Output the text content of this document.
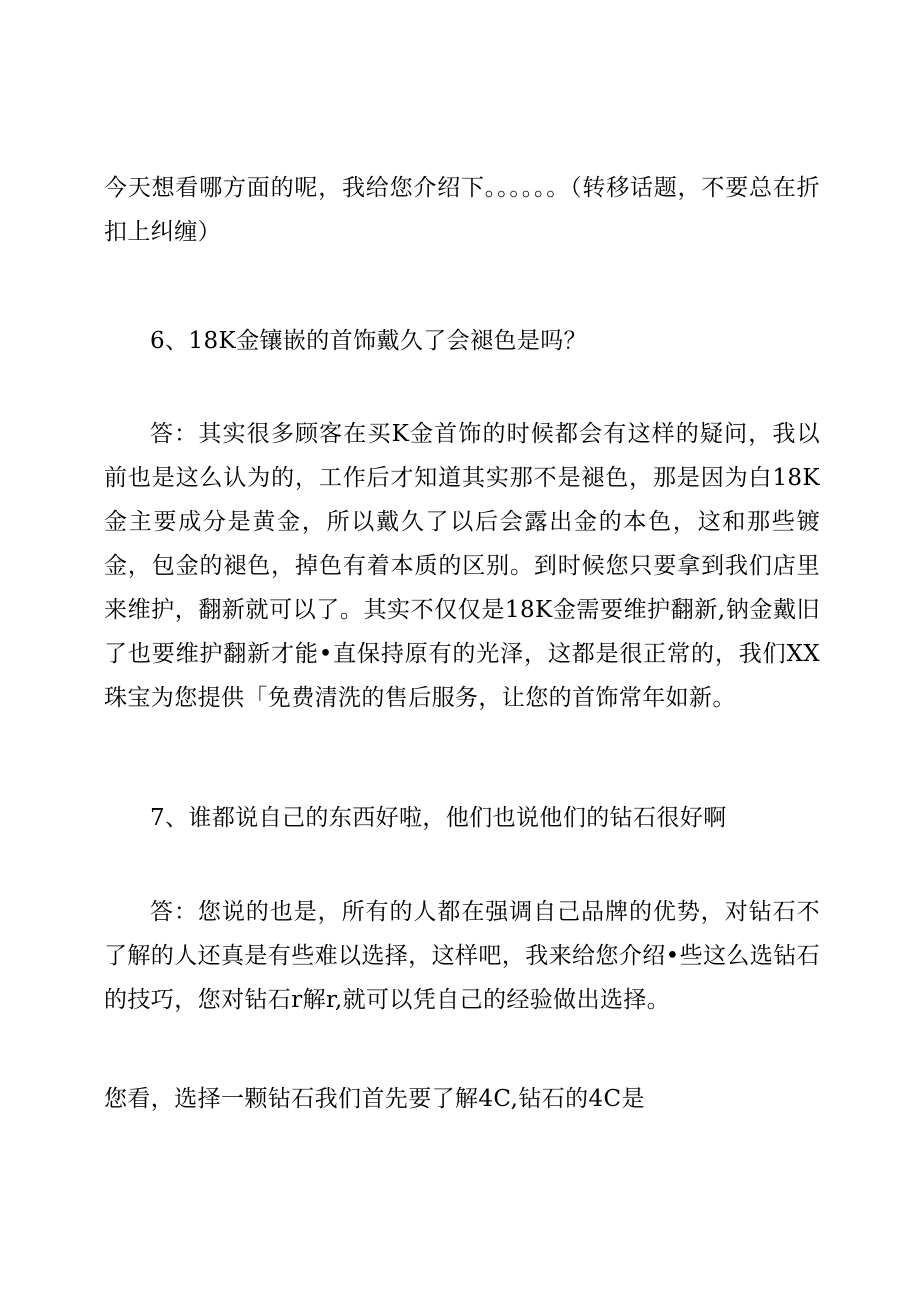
今天想看哪方面的呢，我给您介绍下。。。。。。（转移话题，不要总在折扣上纠缠）

6、18K金镶嵌的首饰戴久了会褪色是吗？

答：其实很多顾客在买K金首饰的时候都会有这样的疑问，我以前也是这么认为的，工作后才知道其实那不是褪色，那是因为白18K金主要成分是黄金，所以戴久了以后会露出金的本色，这和那些镀金，包金的褪色，掉色有着本质的区别。到时候您只要拿到我们店里来维护，翻新就可以了。其实不仅仅是18K金需要维护翻新,钠金戴旧了也要维护翻新才能•直保持原有的光泽，这都是很正常的，我们XX珠宝为您提供「免费清洗的售后服务，让您的首饰常年如新。

7、谁都说自己的东西好啦，他们也说他们的钻石很好啊

答：您说的也是，所有的人都在强调自己品牌的优势，对钻石不了解的人还真是有些难以选择，这样吧，我来给您介绍•些这么选钻石的技巧，您对钻石r解r,就可以凭自己的经验做出选择。

您看，选择一颗钻石我们首先要了解4C,钻石的4C是
